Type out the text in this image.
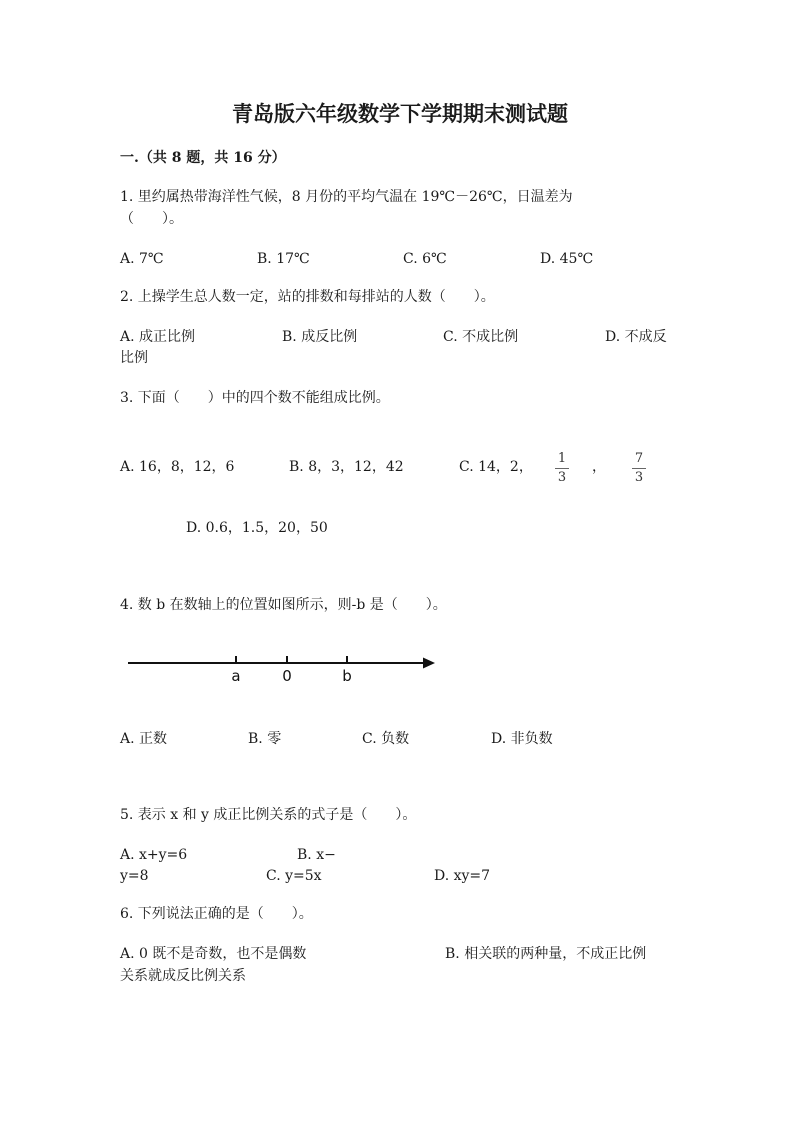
青岛版六年级数学下学期期末测试题
一.（共 8 题，共 16 分）
1. 里约属热带海洋性气候，8 月份的平均气温在 19℃－26℃，日温差为
（　　）。
A. 7℃	B. 17℃	C. 6℃	D. 45℃
2. 上操学生总人数一定，站的排数和每排站的人数（　　）。
A. 成正比例	B. 成反比例	C. 不成比例	D. 不成反
比例
3. 下面（　　）中的四个数不能组成比例。
A. 16，8，12，6	B. 8，3，12，42	C. 14，2，
1
3
，
7
3
D. 0.6，1.5，20，50
4. 数 b 在数轴上的位置如图所示，则-b 是（　　）。
a	0	b
A. 正数	B. 零	C. 负数	D. 非负数
5. 表示 x 和 y 成正比例关系的式子是（　　）。
A. x+y=6	B. x−
y=8	C. y=5x	D. xy=7
6. 下列说法正确的是（　　）。
A. 0 既不是奇数，也不是偶数	B. 相关联的两种量，不成正比例
关系就成反比例关系
